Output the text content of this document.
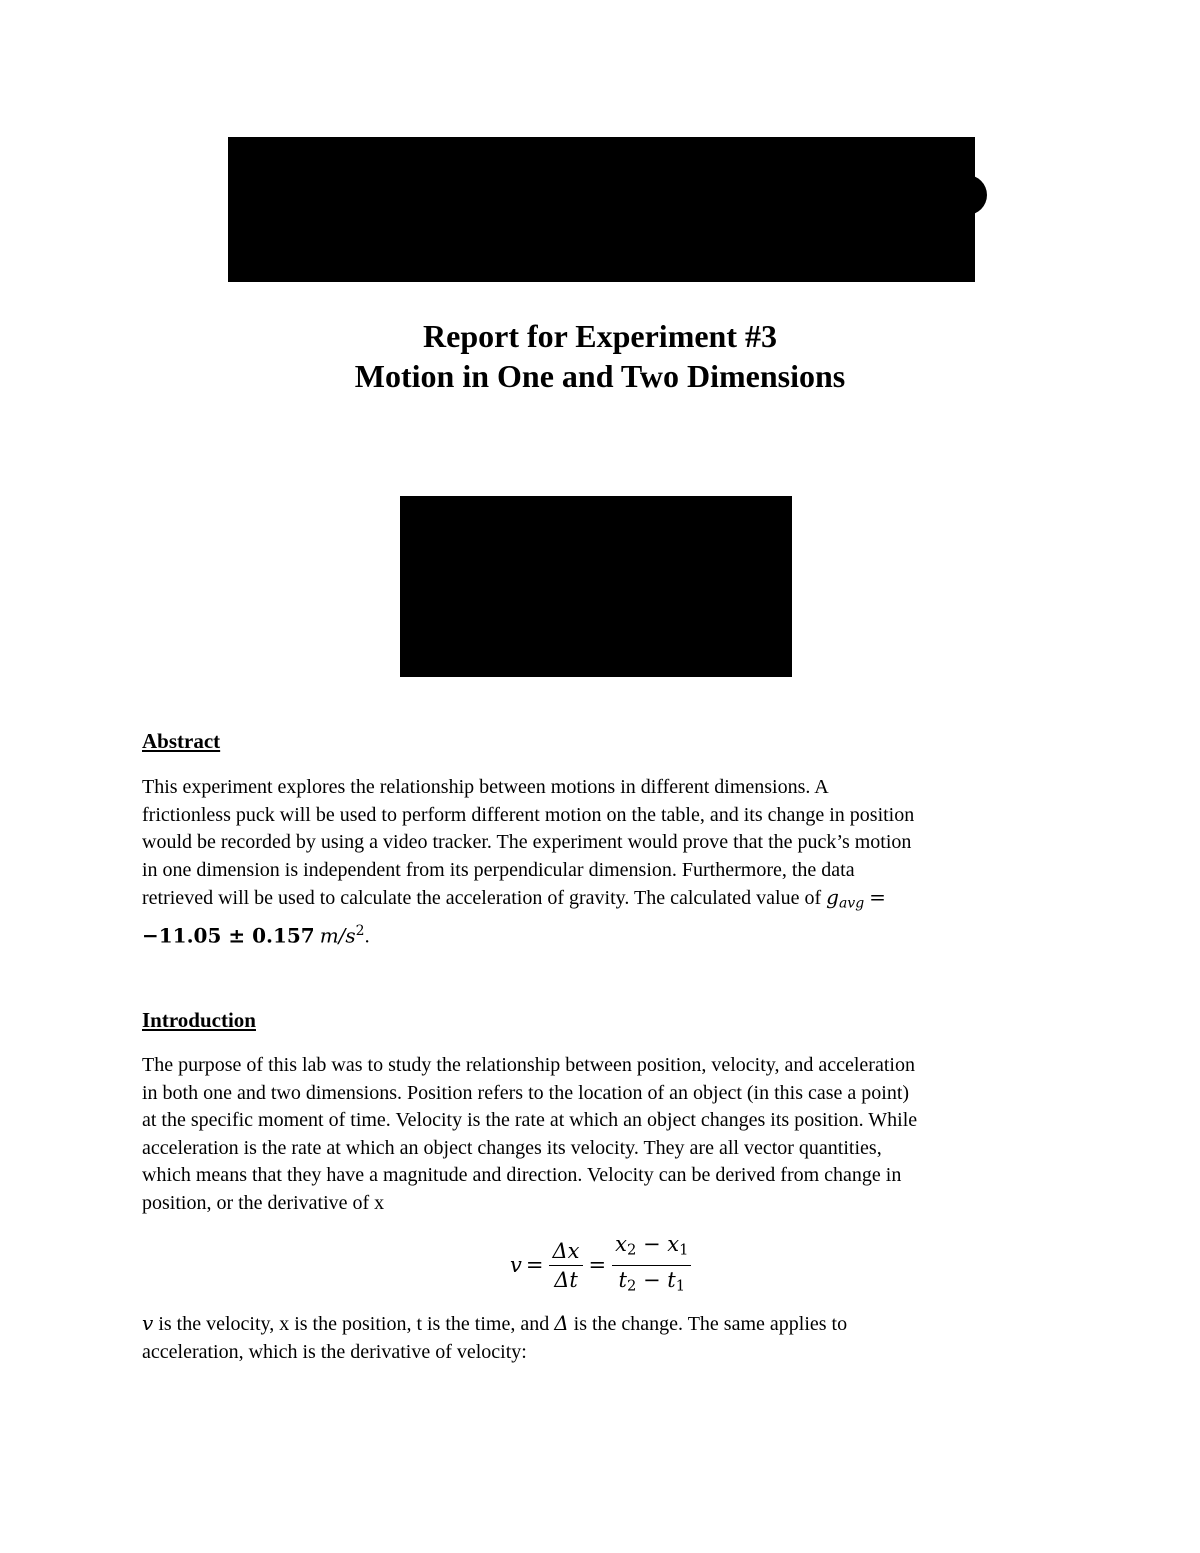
Report for Experiment #3
Motion in One and Two Dimensions
Abstract
This experiment explores the relationship between motions in different dimensions. A
frictionless puck will be used to perform different motion on the table, and its change in position
would be recorded by using a video tracker. The experiment would prove that the puck’s motion
in one dimension is independent from its perpendicular dimension. Furthermore, the data
retrieved will be used to calculate the acceleration of gravity. The calculated value of $g_{avg}$ =
−11.05 ± 0.157 $m/s^2$.
Introduction
The purpose of this lab was to study the relationship between position, velocity, and acceleration
in both one and two dimensions. Position refers to the location of an object (in this case a point)
at the specific moment of time. Velocity is the rate at which an object changes its position. While
acceleration is the rate at which an object changes its velocity. They are all vector quantities,
which means that they have a magnitude and direction. Velocity can be derived from change in
position, or the derivative of x
$v = \frac{\Delta x}{\Delta t} = \frac{x_2 - x_1}{t_2 - t_1}$
v is the velocity, x is the position, t is the time, and Δ is the change. The same applies to
acceleration, which is the derivative of velocity:
